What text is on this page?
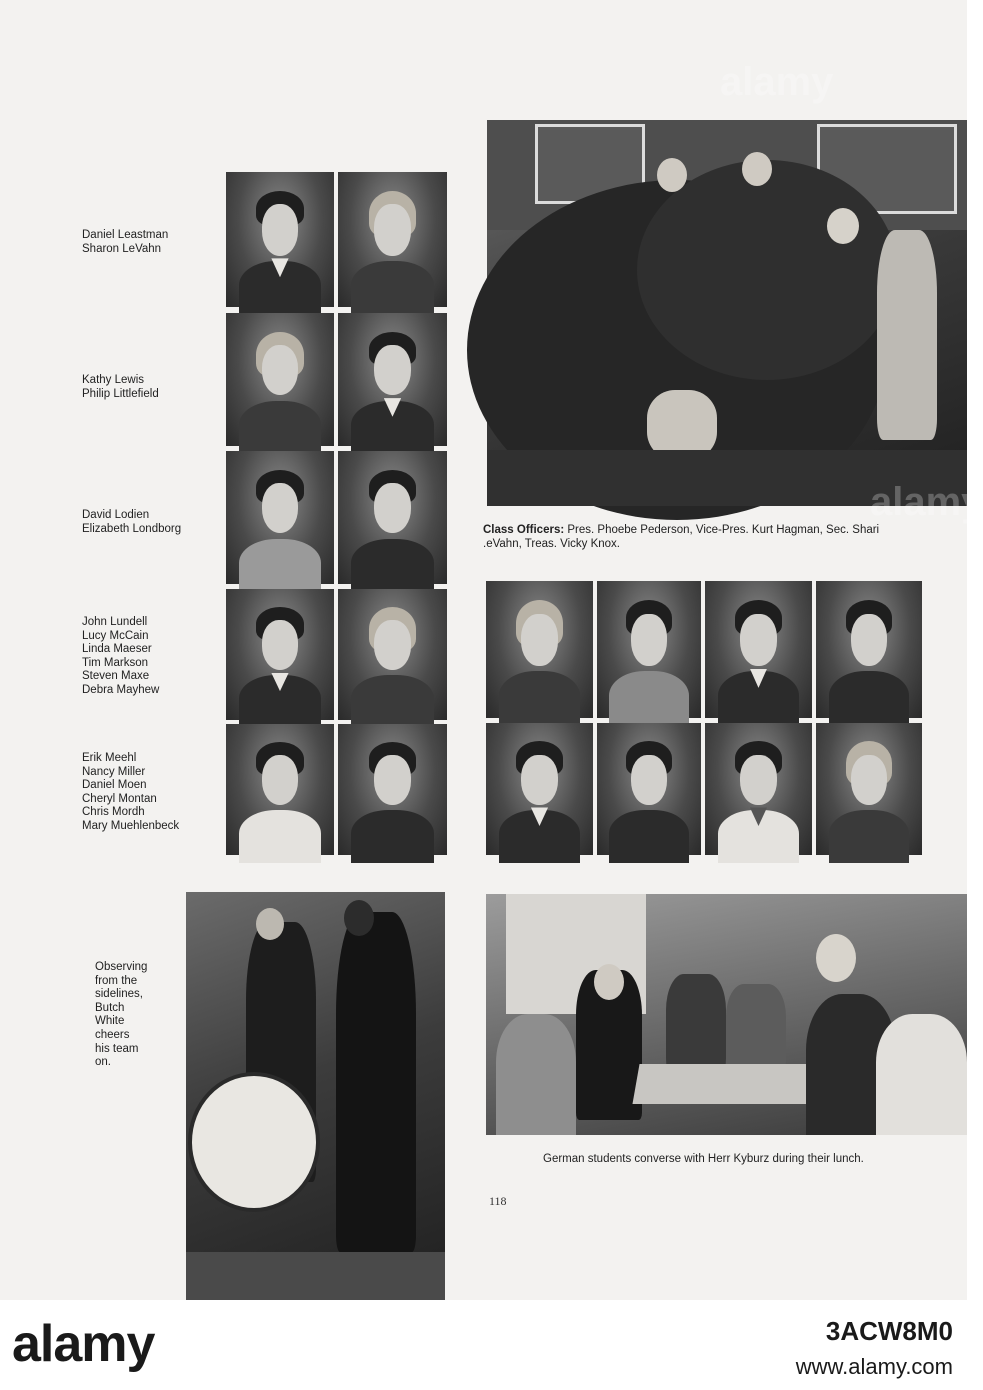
Daniel Leastman
Sharon LeVahn
Kathy Lewis
Philip Littlefield
David Lodien
Elizabeth Londborg
John Lundell
Lucy McCain
Linda Maeser
Tim Markson
Steven Maxe
Debra Mayhew
Erik Meehl
Nancy Miller
Daniel Moen
Cheryl Montan
Chris Mordh
Mary Muehlenbeck
Class Officers: Pres. Phoebe Pederson, Vice-Pres. Kurt Hagman, Sec. Shari
.eVahn, Treas. Vicky Knox.
Observing
from the
sidelines,
Butch
White
cheers
his team
on.
German students converse with Herr Kyburz during their lunch.
118
alamy
alamy
alamy	3ACW8M0
www.alamy.com
